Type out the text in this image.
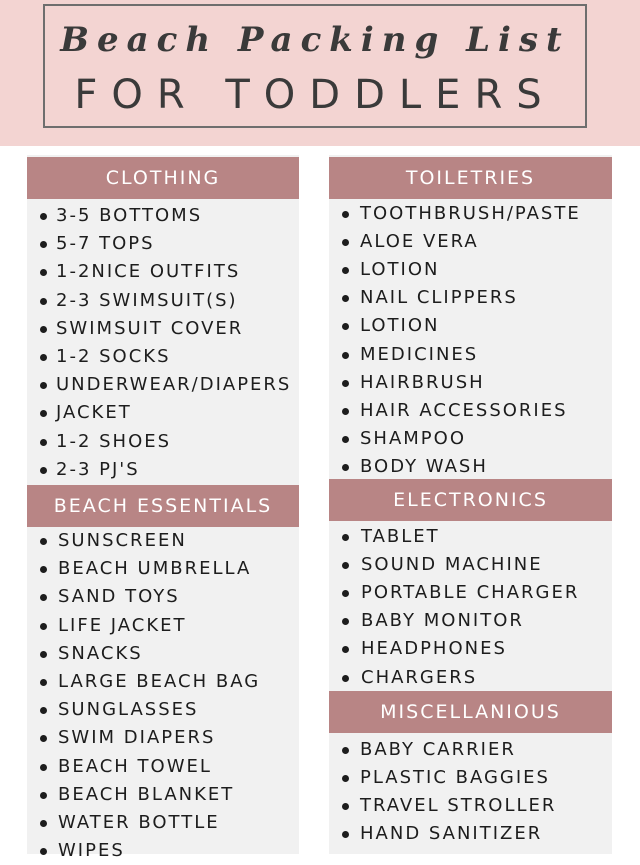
Beach Packing List
FOR TODDLERS
CLOTHING
3-5 BOTTOMS
5-7 TOPS
1-2NICE OUTFITS
2-3 SWIMSUIT(S)
SWIMSUIT COVER
1-2 SOCKS
UNDERWEAR/DIAPERS
JACKET
1-2 SHOES
2-3 PJ'S
BEACH ESSENTIALS
SUNSCREEN
BEACH UMBRELLA
SAND TOYS
LIFE JACKET
SNACKS
LARGE BEACH BAG
SUNGLASSES
SWIM DIAPERS
BEACH TOWEL
BEACH BLANKET
WATER BOTTLE
WIPES
TOILETRIES
TOOTHBRUSH/PASTE
ALOE VERA
LOTION
NAIL CLIPPERS
LOTION
MEDICINES
HAIRBRUSH
HAIR ACCESSORIES
SHAMPOO
BODY WASH
ELECTRONICS
TABLET
SOUND MACHINE
PORTABLE CHARGER
BABY MONITOR
HEADPHONES
CHARGERS
MISCELLANIOUS
BABY CARRIER
PLASTIC BAGGIES
TRAVEL STROLLER
HAND SANITIZER
